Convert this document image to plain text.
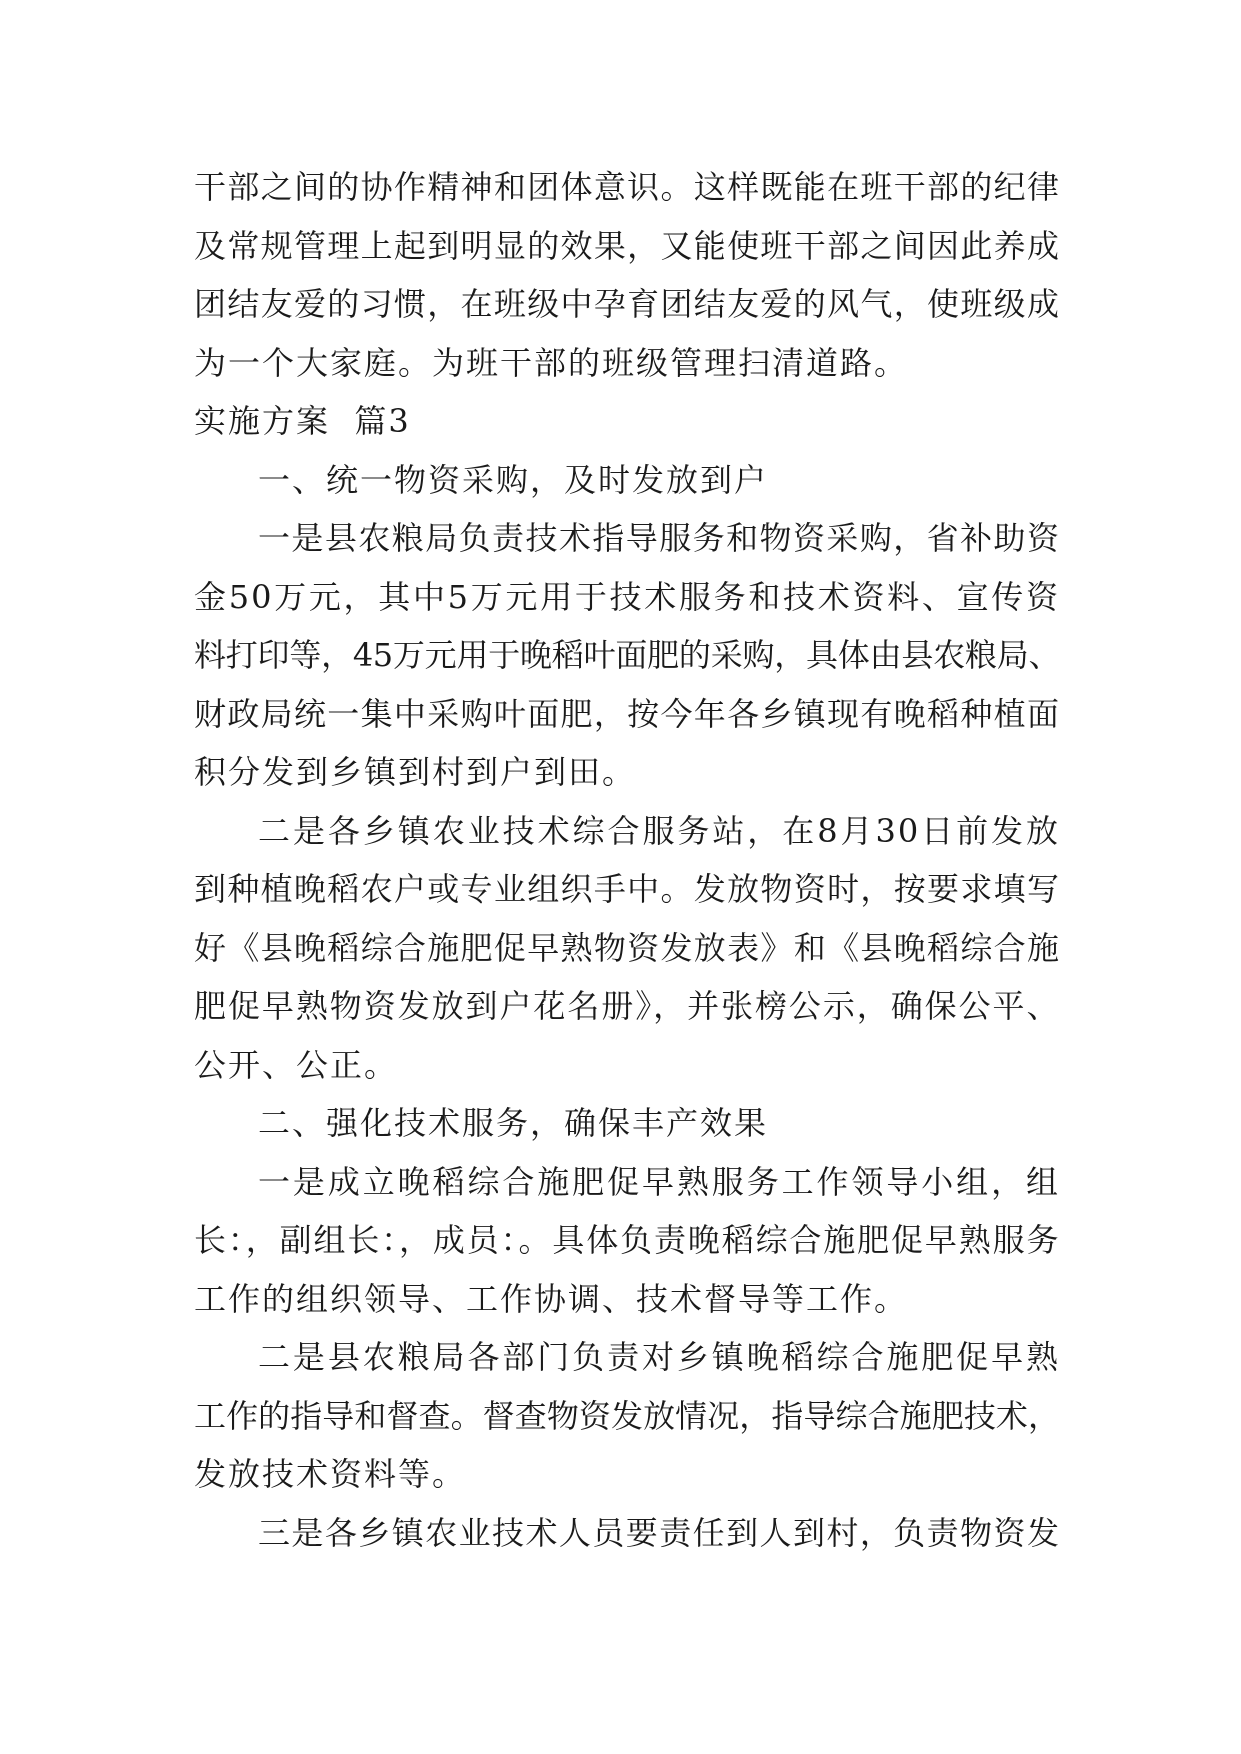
干部之间的协作精神和团体意识。这样既能在班干部的纪律
及常规管理上起到明显的效果，又能使班干部之间因此养成
团结友爱的习惯，在班级中孕育团结友爱的风气，使班级成
为一个大家庭。为班干部的班级管理扫清道路。
实施方案  篇3
一、统一物资采购，及时发放到户
一是县农粮局负责技术指导服务和物资采购，省补助资
金50万元，其中5万元用于技术服务和技术资料、宣传资
料打印等，45万元用于晚稻叶面肥的采购，具体由县农粮局、
财政局统一集中采购叶面肥，按今年各乡镇现有晚稻种植面
积分发到乡镇到村到户到田。
二是各乡镇农业技术综合服务站，在8月30日前发放
到种植晚稻农户或专业组织手中。发放物资时，按要求填写
好《县晚稻综合施肥促早熟物资发放表》和《县晚稻综合施
肥促早熟物资发放到户花名册》，并张榜公示，确保公平、
公开、公正。
二、强化技术服务，确保丰产效果
一是成立晚稻综合施肥促早熟服务工作领导小组，组
长：，副组长：，成员：。具体负责晚稻综合施肥促早熟服务
工作的组织领导、工作协调、技术督导等工作。
二是县农粮局各部门负责对乡镇晚稻综合施肥促早熟
工作的指导和督查。督查物资发放情况，指导综合施肥技术，
发放技术资料等。
三是各乡镇农业技术人员要责任到人到村，负责物资发
